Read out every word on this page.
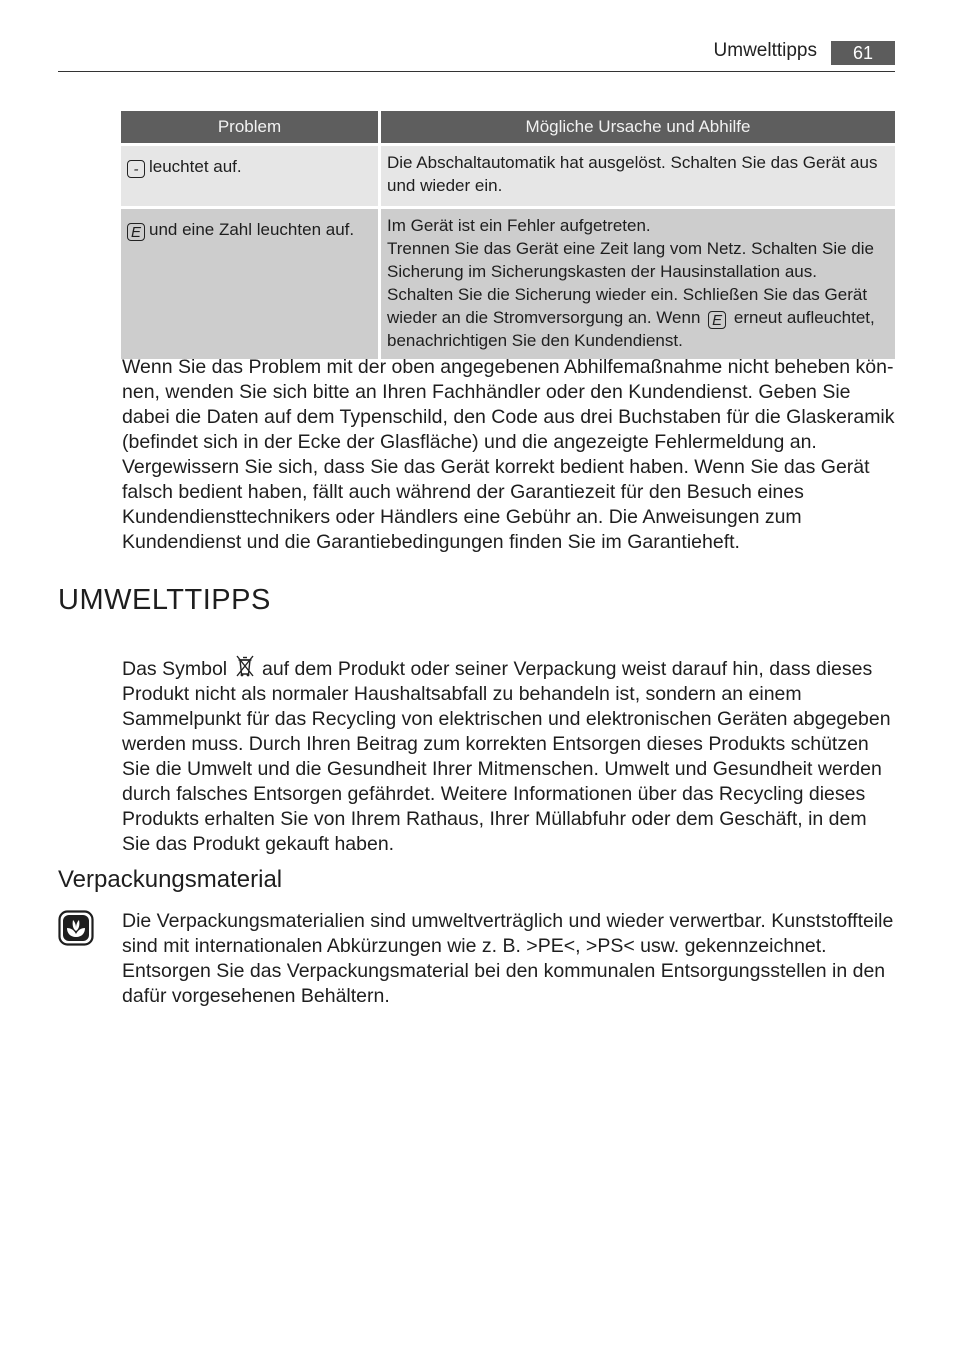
Umwelttipps	61
Problem	Mögliche Ursache und Abhilfe
- leuchtet auf.	Die Abschaltautomatik hat ausgelöst. Schalten Sie das Gerät aus und wieder ein.
E und eine Zahl leuchten auf.	Im Gerät ist ein Fehler aufgetreten.
Trennen Sie das Gerät eine Zeit lang vom Netz. Schalten Sie die Sicherung im Sicherungskasten der Hausinstallation aus. Schalten Sie die Sicherung wieder ein. Schließen Sie das Gerät wieder an die Stromversorgung an. Wenn E erneut aufleuchtet, benachrichtigen Sie den Kundendienst.

Wenn Sie das Problem mit der oben angegebenen Abhilfemaßnahme nicht beheben können, wenden Sie sich bitte an Ihren Fachhändler oder den Kundendienst. Geben Sie dabei die Daten auf dem Typenschild, den Code aus drei Buchstaben für die Glaskeramik (befindet sich in der Ecke der Glasfläche) und die angezeigte Fehlermeldung an.

Vergewissern Sie sich, dass Sie das Gerät korrekt bedient haben. Wenn Sie das Gerät falsch bedient haben, fällt auch während der Garantiezeit für den Besuch eines Kundendiensttechnikers oder Händlers eine Gebühr an. Die Anweisungen zum Kundendienst und die Garantiebedingungen finden Sie im Garantieheft.

UMWELTTIPPS

Das Symbol auf dem Produkt oder seiner Verpackung weist darauf hin, dass dieses Produkt nicht als normaler Haushaltsabfall zu behandeln ist, sondern an einem Sammelpunkt für das Recycling von elektrischen und elektronischen Geräten abgegeben werden muss. Durch Ihren Beitrag zum korrekten Entsorgen dieses Produkts schützen Sie die Umwelt und die Gesundheit Ihrer Mitmenschen. Umwelt und Gesundheit werden durch falsches Entsorgen gefährdet. Weitere Informationen über das Recycling dieses Produkts erhalten Sie von Ihrem Rathaus, Ihrer Müllabfuhr oder dem Geschäft, in dem Sie das Produkt gekauft haben.

Verpackungsmaterial

Die Verpackungsmaterialien sind umweltverträglich und wieder verwertbar. Kunststoffteile sind mit internationalen Abkürzungen wie z. B. >PE<, >PS< usw. gekennzeichnet. Entsorgen Sie das Verpackungsmaterial bei den kommunalen Entsorgungsstellen in den dafür vorgesehenen Behältern.
